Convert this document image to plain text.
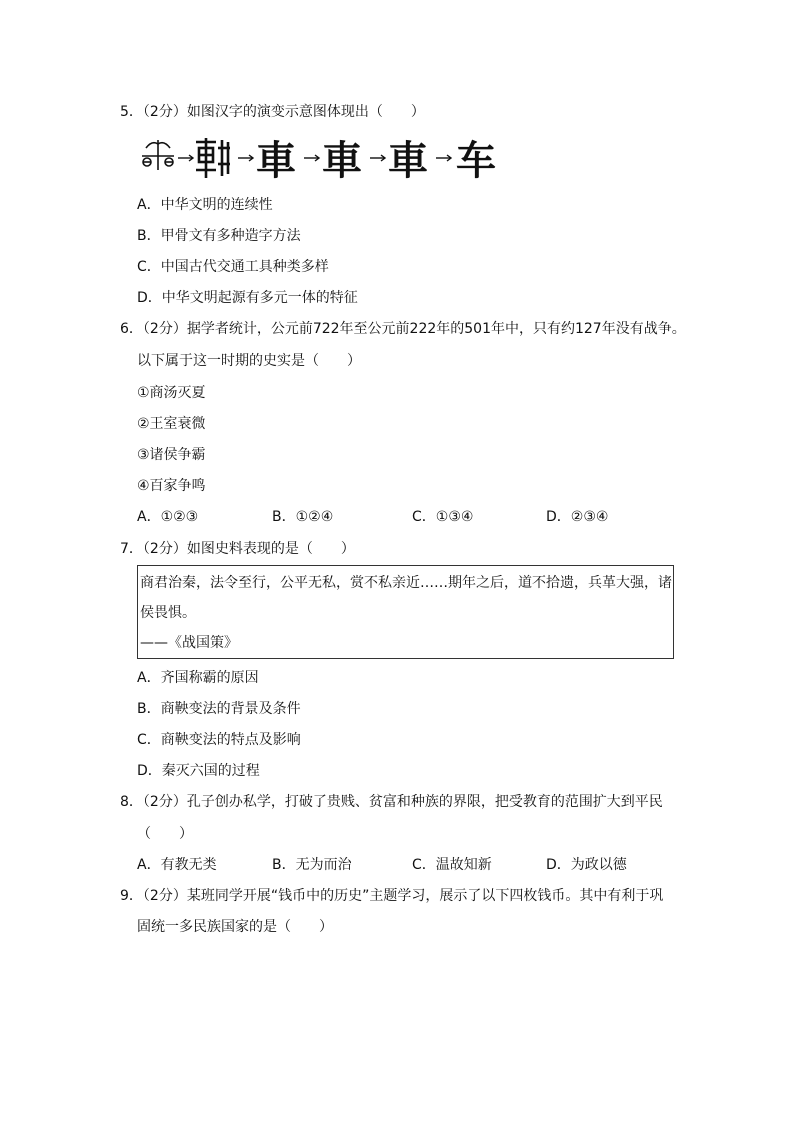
5．（2分）如图汉字的演变示意图体现出（　　）
車 車 車 车
A．中华文明的连续性
B．甲骨文有多种造字方法
C．中国古代交通工具种类多样
D．中华文明起源有多元一体的特征
6．（2分）据学者统计，公元前722年至公元前222年的501年中，只有约127年没有战争。
以下属于这一时期的史实是（　　）
①商汤灭夏
②王室衰微
③诸侯争霸
④百家争鸣
A．①②③	B．①②④	C．①③④	D．②③④
7．（2分）如图史料表现的是（　　）
商君治秦，法令至行，公平无私，赏不私亲近……期年之后，道不拾遗，兵革大强，诸
侯畏惧。
——《战国策》
A．齐国称霸的原因
B．商鞅变法的背景及条件
C．商鞅变法的特点及影响
D．秦灭六国的过程
8．（2分）孔子创办私学，打破了贵贱、贫富和种族的界限，把受教育的范围扩大到平民
（　　）
A．有教无类	B．无为而治	C．温故知新	D．为政以德
9．（2分）某班同学开展“钱币中的历史”主题学习，展示了以下四枚钱币。其中有利于巩
固统一多民族国家的是（　　）
